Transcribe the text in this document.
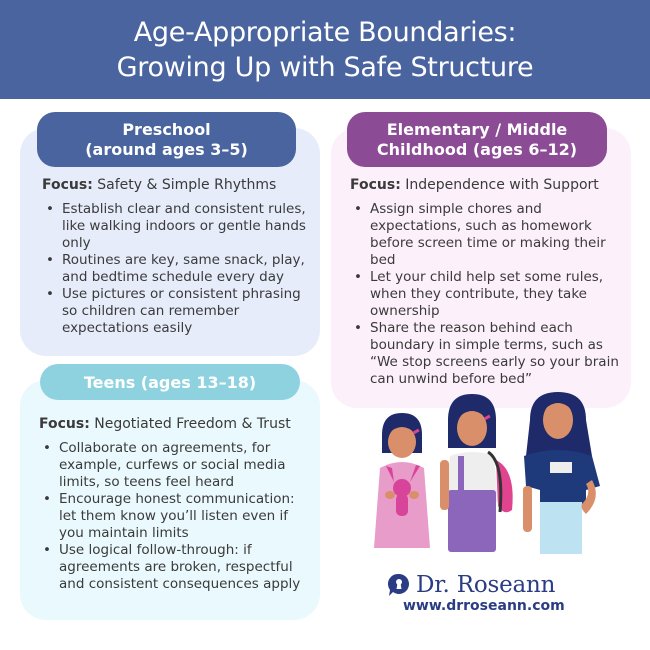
Age-Appropriate Boundaries:
Growing Up with Safe Structure
Preschool
(around ages 3–5)
Focus: Safety & Simple Rhythms
• Establish clear and consistent rules, like walking indoors or gentle hands only
• Routines are key, same snack, play, and bedtime schedule every day
• Use pictures or consistent phrasing so children can remember expectations easily
Elementary / Middle
Childhood (ages 6–12)
Focus: Independence with Support
• Assign simple chores and expectations, such as homework before screen time or making their bed
• Let your child help set some rules, when they contribute, they take ownership
• Share the reason behind each boundary in simple terms, such as “We stop screens early so your brain can unwind before bed”
Teens (ages 13–18)
Focus: Negotiated Freedom & Trust
• Collaborate on agreements, for example, curfews or social media limits, so teens feel heard
• Encourage honest communication: let them know you’ll listen even if you maintain limits
• Use logical follow-through: if agreements are broken, respectful and consistent consequences apply	Dr. Roseann
www.drroseann.com
